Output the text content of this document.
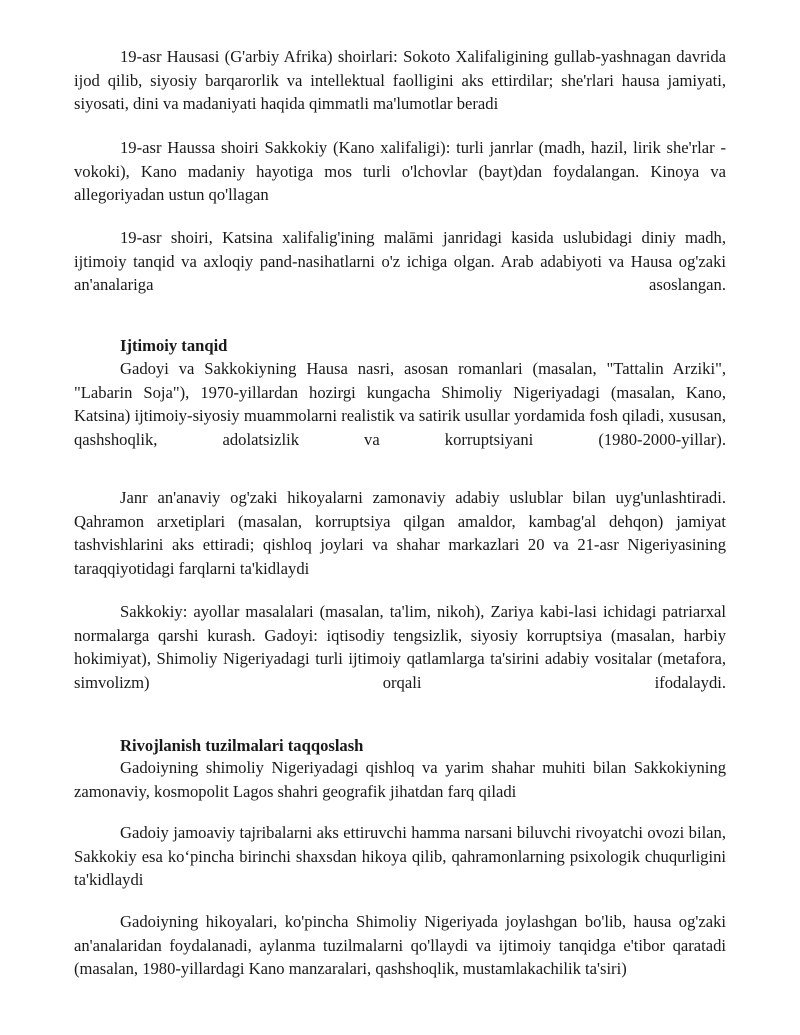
19-asr Hausasi (G'arbiy Afrika) shoirlari: Sokoto Xalifaligining gullab-yashnagan davrida ijod qilib, siyosiy barqarorlik va intellektual faolligini aks ettirdilar; she'rlari hausa jamiyati, siyosati, dini va madaniyati haqida qimmatli ma'lumotlar beradi

19-asr Haussa shoiri Sakkokiy (Kano xalifaligi): turli janrlar (madh, hazil, lirik she'rlar - vokoki), Kano madaniy hayotiga mos turli o'lchovlar (bayt)dan foydalangan. Kinoya va allegoriyadan ustun qo'llagan

19-asr shoiri, Katsina xalifalig'ining malāmi janridagi kasida uslubidagi diniy madh, ijtimoiy tanqid va axloqiy pand-nasihatlarni o'z ichiga olgan. Arab adabiyoti va Hausa og'zaki an'analariga asoslangan.

Ijtimoiy tanqid

Gadoyi va Sakkokiyning Hausa nasri, asosan romanlari (masalan, "Tattalin Arziki", "Labarin Soja"), 1970-yillardan hozirgi kungacha Shimoliy Nigeriyadagi (masalan, Kano, Katsina) ijtimoiy-siyosiy muammolarni realistik va satirik usullar yordamida fosh qiladi, xususan, qashshoqlik, adolatsizlik va korruptsiyani (1980-2000-yillar).

Janr an'anaviy og'zaki hikoyalarni zamonaviy adabiy uslublar bilan uyg'unlashtiradi. Qahramon arxetiplari (masalan, korruptsiya qilgan amaldor, kambag'al dehqon) jamiyat tashvishlarini aks ettiradi; qishloq joylari va shahar markazlari 20 va 21-asr Nigeriyasining taraqqiyotidagi farqlarni ta'kidlaydi

Sakkokiy: ayollar masalalari (masalan, ta'lim, nikoh), Zariya kabi-lasi ichidagi patriarxal normalarga qarshi kurash. Gadoyi: iqtisodiy tengsizlik, siyosiy korruptsiya (masalan, harbiy hokimiyat), Shimoliy Nigeriyadagi turli ijtimoiy qatlamlarga ta'sirini adabiy vositalar (metafora, simvolizm) orqali ifodalaydi.

Rivojlanish tuzilmalari taqqoslash

Gadoiyning shimoliy Nigeriyadagi qishloq va yarim shahar muhiti bilan Sakkokiyning zamonaviy, kosmopolit Lagos shahri geografik jihatdan farq qiladi

Gadoiy jamoaviy tajribalarni aks ettiruvchi hamma narsani biluvchi rivoyatchi ovozi bilan, Sakkokiy esa ko‘pincha birinchi shaxsdan hikoya qilib, qahramonlarning psixologik chuqurligini ta'kidlaydi

Gadoiyning hikoyalari, ko'pincha Shimoliy Nigeriyada joylashgan bo'lib, hausa og'zaki an'analaridan foydalanadi, aylanma tuzilmalarni qo'llaydi va ijtimoiy tanqidga e'tibor qaratadi (masalan, 1980-yillardagi Kano manzaralari, qashshoqlik, mustamlakachilik ta'siri)
